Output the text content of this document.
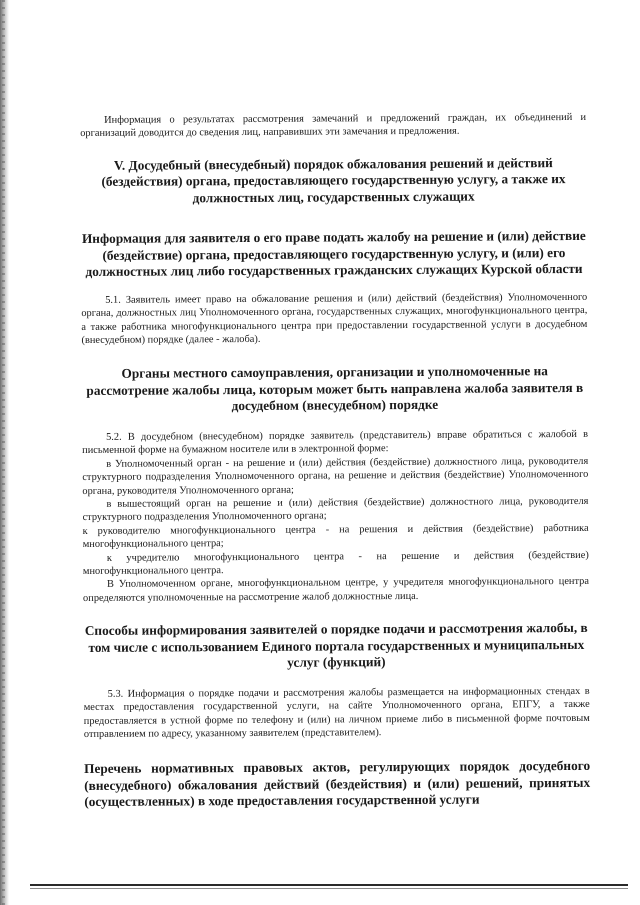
Информация о результатах рассмотрения замечаний и предложений граждан, их объединений и организаций доводится до сведения лиц, направивших эти замечания и предложения.

V. Досудебный (внесудебный) порядок обжалования решений и действий (бездействия) органа, предоставляющего государственную услугу, а также их должностных лиц, государственных служащих
Информация для заявителя о его праве подать жалобу на решение и (или) действие (бездействие) органа, предоставляющего государственную услугу, и (или) его должностных лиц либо государственных гражданских служащих Курской области

5.1. Заявитель имеет право на обжалование решения и (или) действий (бездействия) Уполномоченного органа, должностных лиц Уполномоченного органа, государственных служащих, многофункционального центра, а также работника многофункционального центра при предоставлении государственной услуги в досудебном (внесудебном) порядке (далее - жалоба).

Органы местного самоуправления, организации и уполномоченные на рассмотрение жалобы лица, которым может быть направлена жалоба заявителя в досудебном (внесудебном) порядке

5.2. В досудебном (внесудебном) порядке заявитель (представитель) вправе обратиться с жалобой в письменной форме на бумажном носителе или в электронной форме:

в Уполномоченный орган - на решение и (или) действия (бездействие) должностного лица, руководителя структурного подразделения Уполномоченного органа, на решение и действия (бездействие) Уполномоченного органа, руководителя Уполномоченного органа;

в вышестоящий орган на решение и (или) действия (бездействие) должностного лица, руководителя структурного подразделения Уполномоченного органа;

к руководителю многофункционального центра - на решения и действия (бездействие) работника многофункционального центра;

к учредителю многофункционального центра - на решение и действия (бездействие) многофункционального центра.

В Уполномоченном органе, многофункциональном центре, у учредителя многофункционального центра определяются уполномоченные на рассмотрение жалоб должностные лица.

Способы информирования заявителей о порядке подачи и рассмотрения жалобы, в том числе с использованием Единого портала государственных и муниципальных услуг (функций)

5.3. Информация о порядке подачи и рассмотрения жалобы размещается на информационных стендах в местах предоставления государственной услуги, на сайте Уполномоченного органа, ЕПГУ, а также предоставляется в устной форме по телефону и (или) на личном приеме либо в письменной форме почтовым отправлением по адресу, указанному заявителем (представителем).

Перечень нормативных правовых актов, регулирующих порядок досудебного (внесудебного) обжалования действий (бездействия) и (или) решений, принятых (осуществленных) в ходе предоставления государственной услуги
